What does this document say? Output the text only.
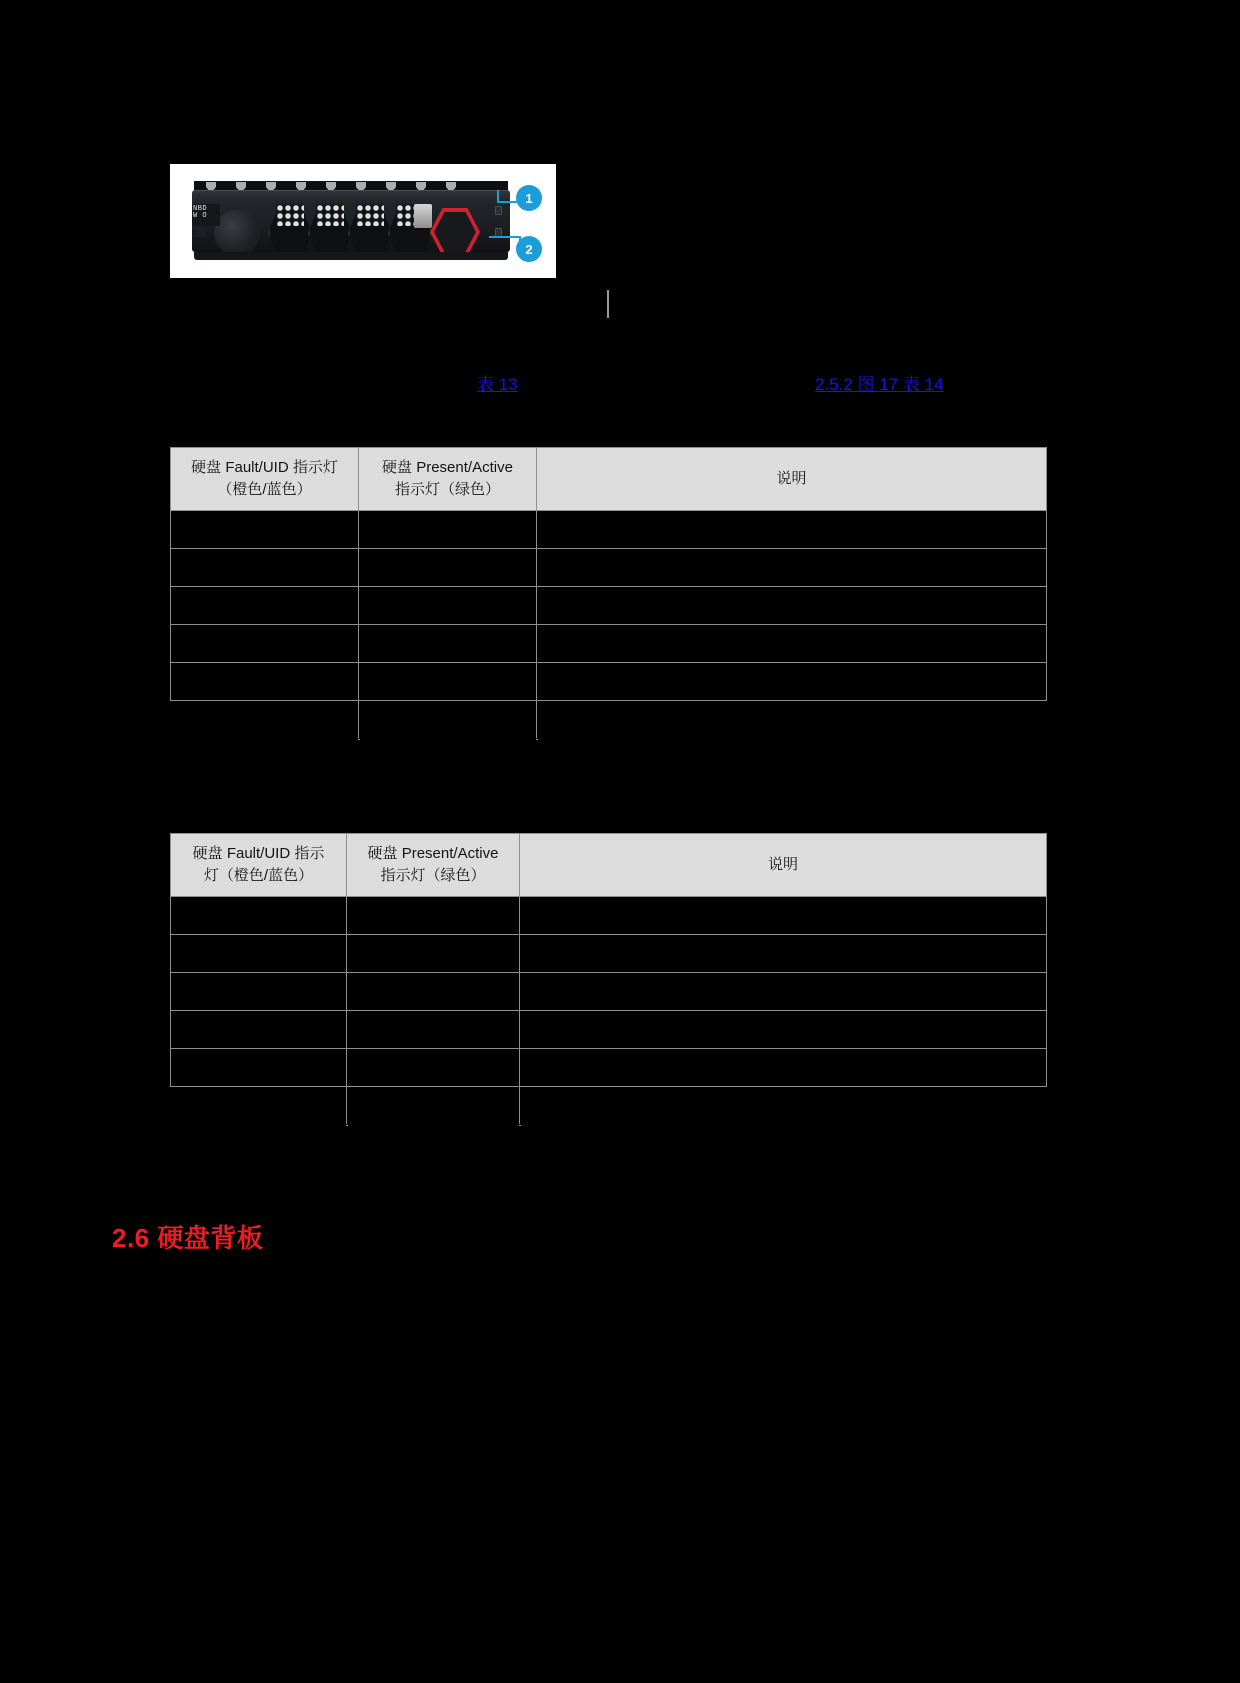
NBD
W O
1
2
表 13	2.5.2 图 17 表 14
硬盘 Fault/UID 指示灯
（橙色/蓝色）	硬盘 Present/Active
指示灯（绿色）	说明

硬盘 Fault/UID 指示
灯（橙色/蓝色）	硬盘 Present/Active
指示灯（绿色）	说明

2.6 硬盘背板
